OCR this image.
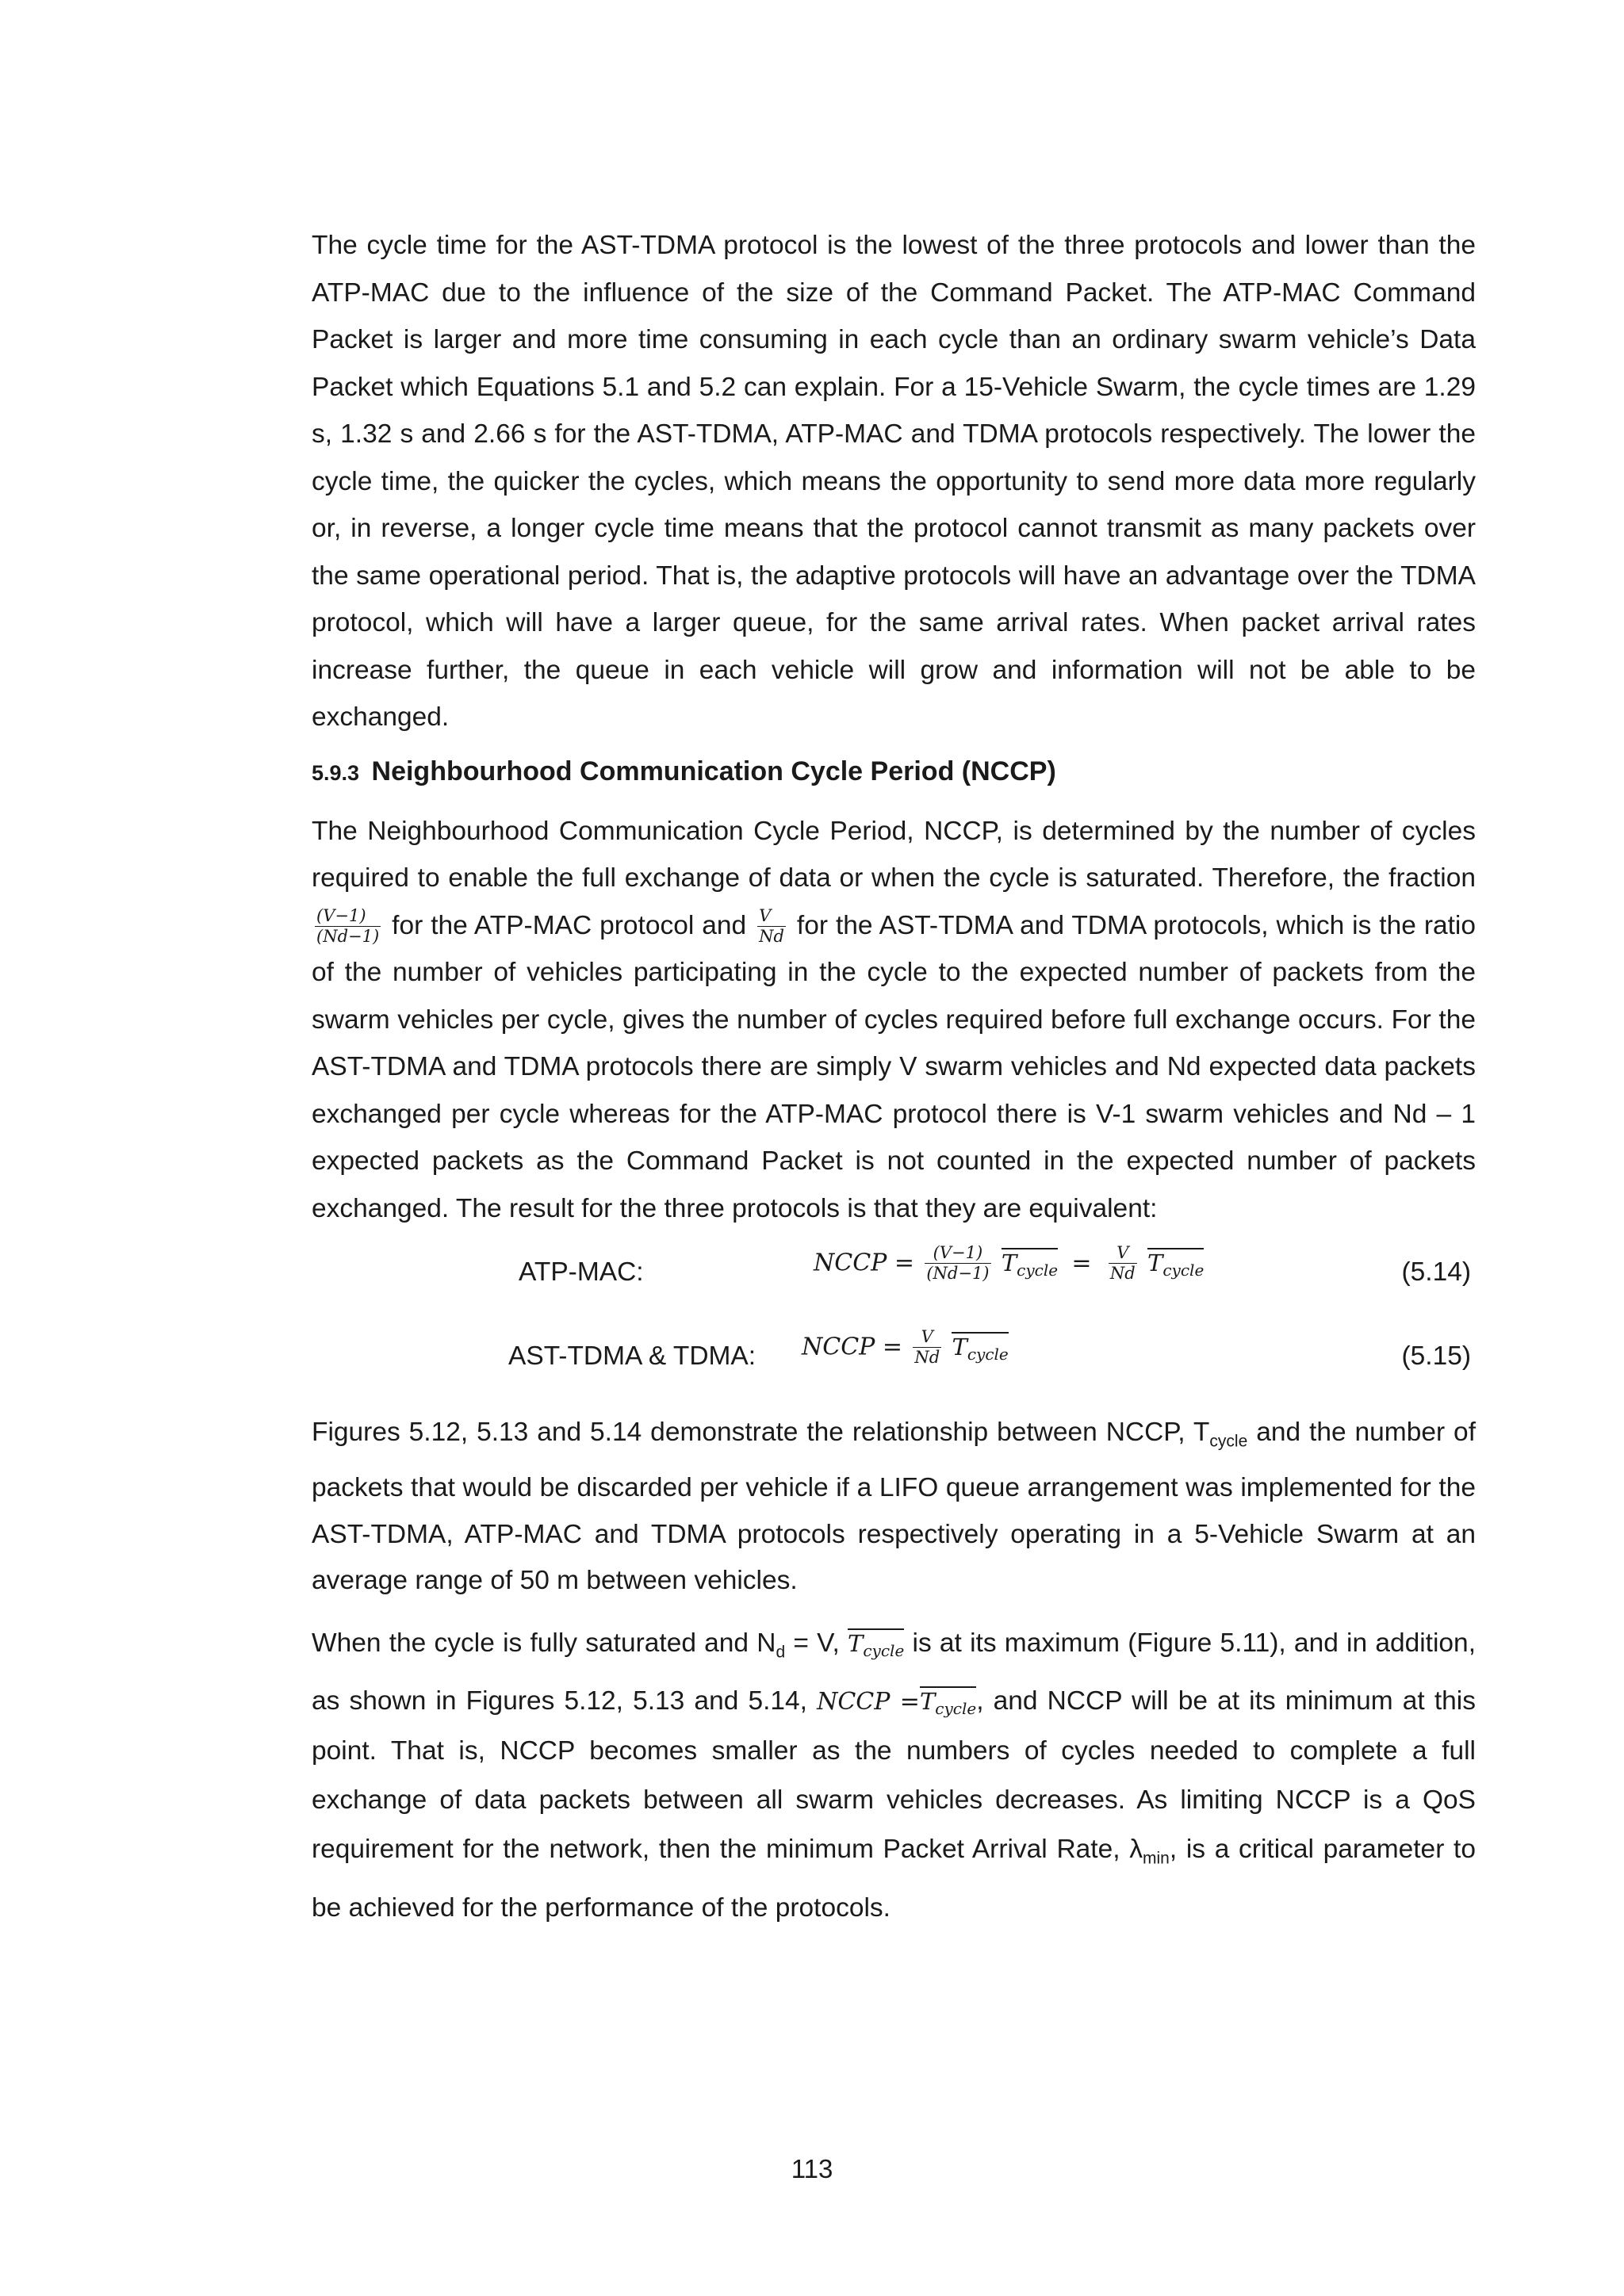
The cycle time for the AST-TDMA protocol is the lowest of the three protocols and lower than the ATP-MAC due to the influence of the size of the Command Packet. The ATP-MAC Command Packet is larger and more time consuming in each cycle than an ordinary swarm vehicle’s Data Packet which Equations 5.1 and 5.2 can explain. For a 15-Vehicle Swarm, the cycle times are 1.29 s, 1.32 s and 2.66 s for the AST-TDMA, ATP-MAC and TDMA protocols respectively. The lower the cycle time, the quicker the cycles, which means the opportunity to send more data more regularly or, in reverse, a longer cycle time means that the protocol cannot transmit as many packets over the same operational period. That is, the adaptive protocols will have an advantage over the TDMA protocol, which will have a larger queue, for the same arrival rates. When packet arrival rates increase further, the queue in each vehicle will grow and information will not be able to be exchanged.

5.9.3 Neighbourhood Communication Cycle Period (NCCP)

The Neighbourhood Communication Cycle Period, NCCP, is determined by the number of cycles required to enable the full exchange of data or when the cycle is saturated. Therefore, the fraction
$\frac{(V-1)}{(Nd-1)}$ for the ATP-MAC protocol and $\frac{V}{Nd}$ for the AST-TDMA and TDMA protocols, which is the ratio of the number of vehicles participating in the cycle to the expected number of packets from the swarm vehicles per cycle, gives the number of cycles required before full exchange occurs. For the AST-TDMA and TDMA protocols there are simply V swarm vehicles and Nd expected data packets exchanged per cycle whereas for the ATP-MAC protocol there is V-1 swarm vehicles and Nd – 1 expected packets as the Command Packet is not counted in the expected number of packets exchanged. The result for the three protocols is that they are equivalent:

ATP-MAC:	NCCP = $\frac{(V-1)}{(Nd-1)} T_{cycle} = \frac{V}{Nd} T_{cycle}$	(5.14)
AST-TDMA & TDMA: NCCP = $\frac{V}{Nd} T_{cycle}$	(5.15)

Figures 5.12, 5.13 and 5.14 demonstrate the relationship between NCCP, $T_{cycle}$ and the number of packets that would be discarded per vehicle if a LIFO queue arrangement was implemented for the AST-TDMA, ATP-MAC and TDMA protocols respectively operating in a 5-Vehicle Swarm at an average range of 50 m between vehicles.

When the cycle is fully saturated and $N_d = V$, $T_{cycle}$ is at its maximum (Figure 5.11), and in addition, as shown in Figures 5.12, 5.13 and 5.14, NCCP $=T_{cycle}$, and NCCP will be at its minimum at this point. That is, NCCP becomes smaller as the numbers of cycles needed to complete a full exchange of data packets between all swarm vehicles decreases. As limiting NCCP is a QoS requirement for the network, then the minimum Packet Arrival Rate, $\lambda_{min}$, is a critical parameter to be achieved for the performance of the protocols.

113
